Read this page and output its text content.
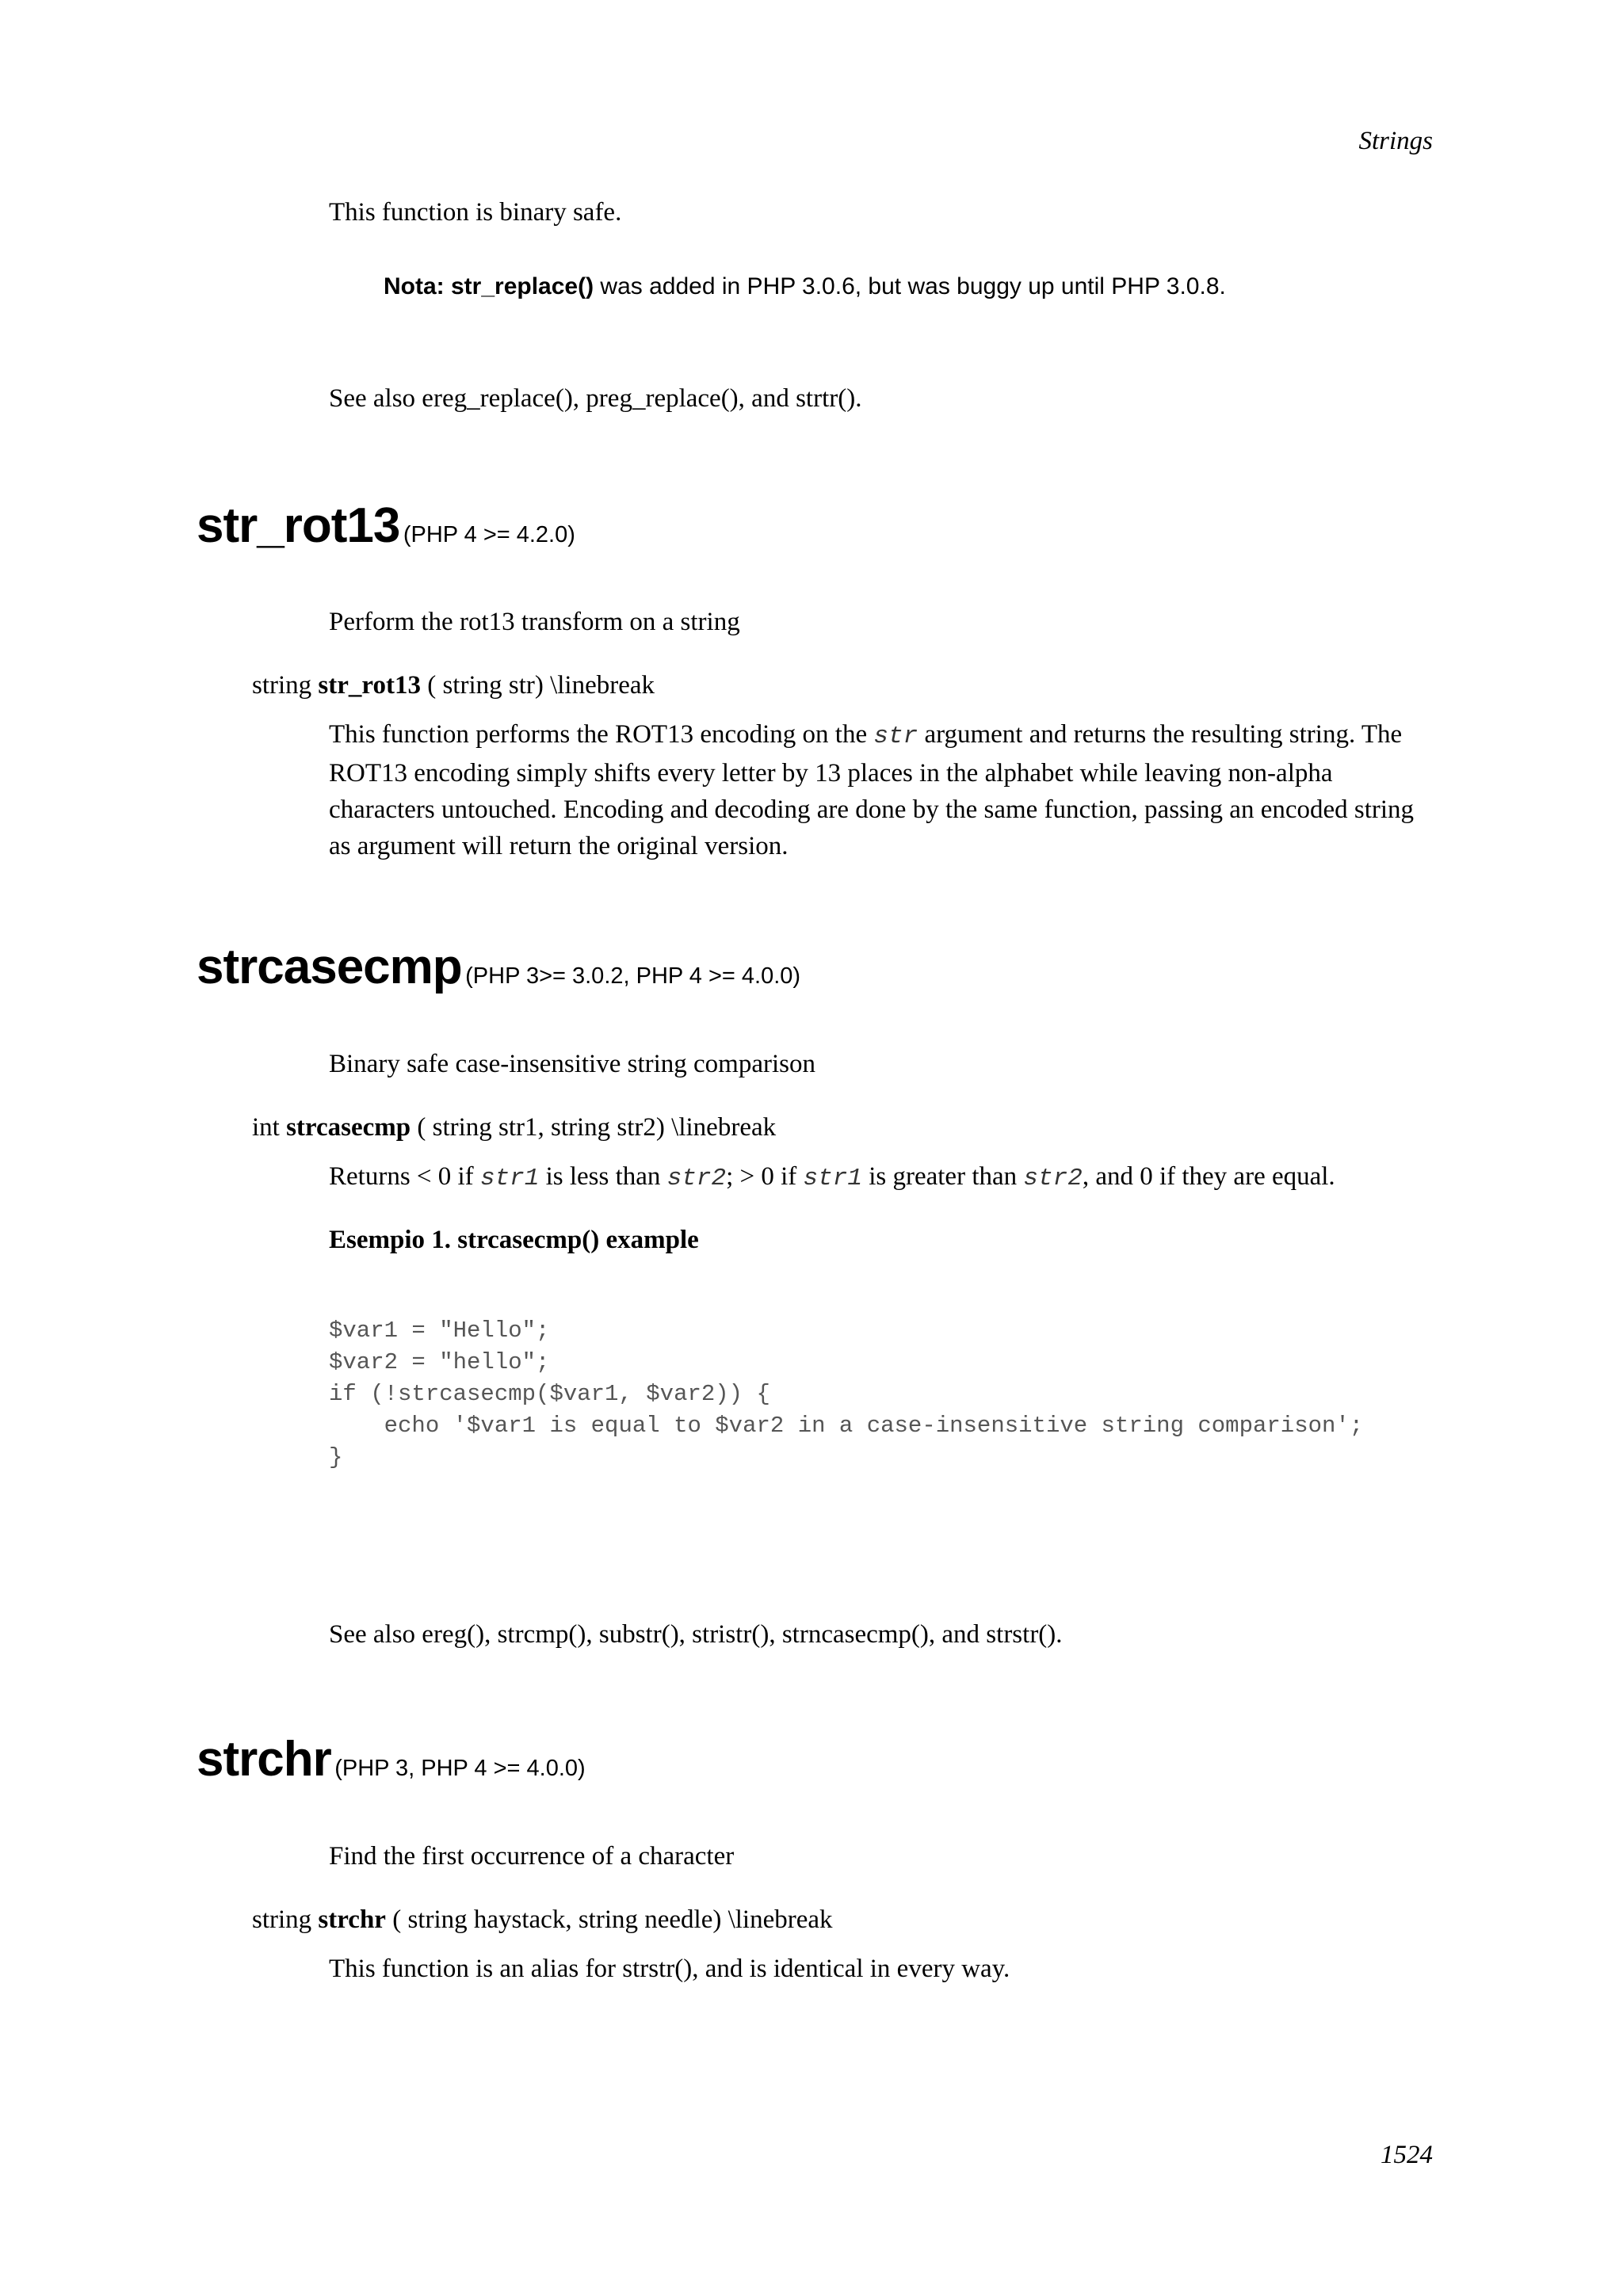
Strings
This function is binary safe.
Nota: str_replace() was added in PHP 3.0.6, but was buggy up until PHP 3.0.8.
See also ereg_replace(), preg_replace(), and strtr().
str_rot13 (PHP 4 >= 4.2.0)
Perform the rot13 transform on a string
string str_rot13 ( string str) \linebreak
This function performs the ROT13 encoding on the str argument and returns the resulting string. The ROT13 encoding simply shifts every letter by 13 places in the alphabet while leaving non-alpha characters untouched. Encoding and decoding are done by the same function, passing an encoded string as argument will return the original version.
strcasecmp (PHP 3>= 3.0.2, PHP 4 >= 4.0.0)
Binary safe case-insensitive string comparison
int strcasecmp ( string str1, string str2) \linebreak
Returns < 0 if str1 is less than str2; > 0 if str1 is greater than str2, and 0 if they are equal.
Esempio 1. strcasecmp() example
$var1 = "Hello";
$var2 = "hello";
if (!strcasecmp($var1, $var2)) {
echo '$var1 is equal to $var2 in a case-insensitive string comparison';
}
See also ereg(), strcmp(), substr(), stristr(), strncasecmp(), and strstr().
strchr (PHP 3, PHP 4 >= 4.0.0)
Find the first occurrence of a character
string strchr ( string haystack, string needle) \linebreak
This function is an alias for strstr(), and is identical in every way.
1524
